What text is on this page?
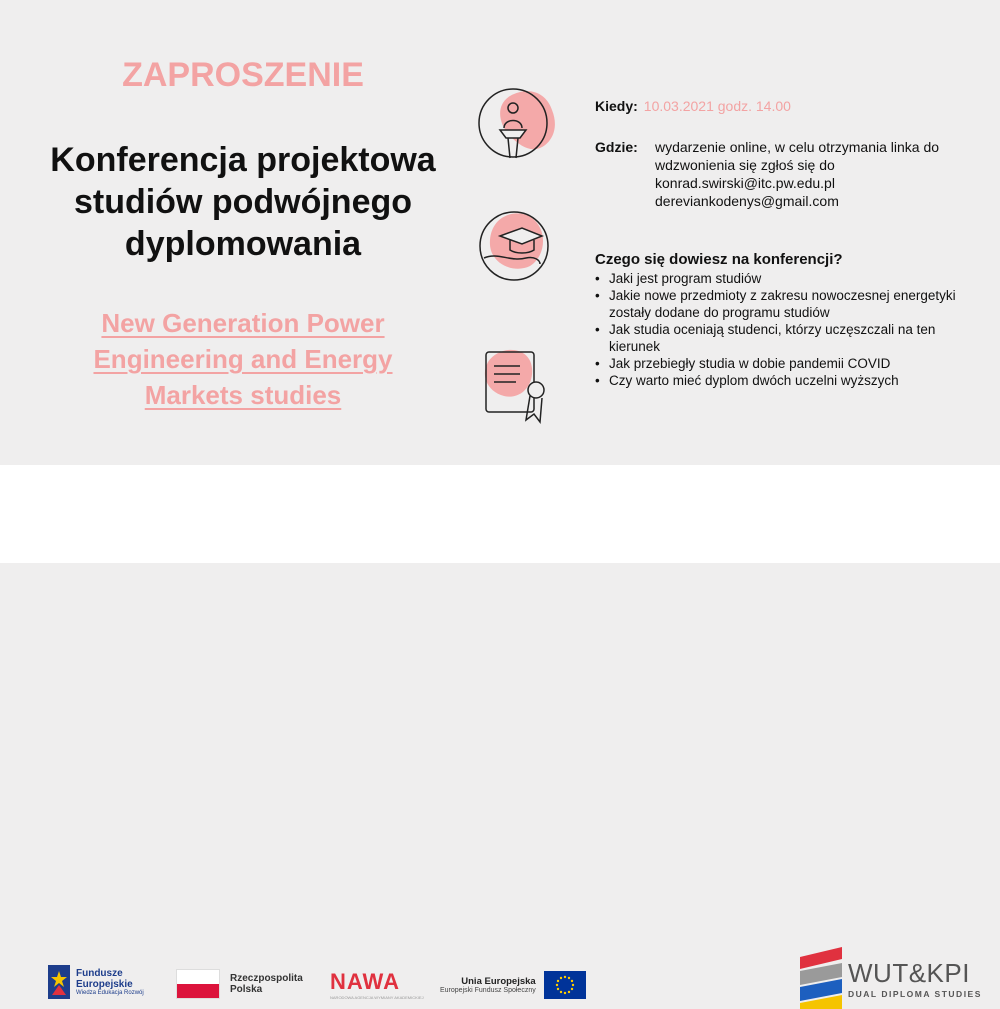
ZAPROSZENIE
Konferencja projektowa
studiów podwójnego
dyplomowania
New Generation Power
Engineering and Energy
Markets studies
Kiedy: 10.03.2021 godz. 14.00
Gdzie:	wydarzenie online, w celu otrzymania linka do
wdzwonienia się zgłoś się do
konrad.swirski@itc.pw.edu.pl
dereviankodenys@gmail.com
Czego się dowiesz na konferencji?
• Jaki jest program studiów
• Jakie nowe przedmioty z zakresu nowoczesnej energetyki zostały dodane do programu studiów
• Jak studia oceniają studenci, którzy uczęszczali na ten kierunek
• Jak przebiegły studia w dobie pandemii COVID
• Czy warto mieć dyplom dwóch uczelni wyższych
Fundusze
Europejskie
Wiedza Edukacja Rozwój
Rzeczpospolita
Polska	NAWA
NARODOWA AGENCJA WYMIANY AKADEMICKIEJ
Unia Europejska
Europejski Fundusz Społeczny
WUT&KPI
DUAL DIPLOMA STUDIES
